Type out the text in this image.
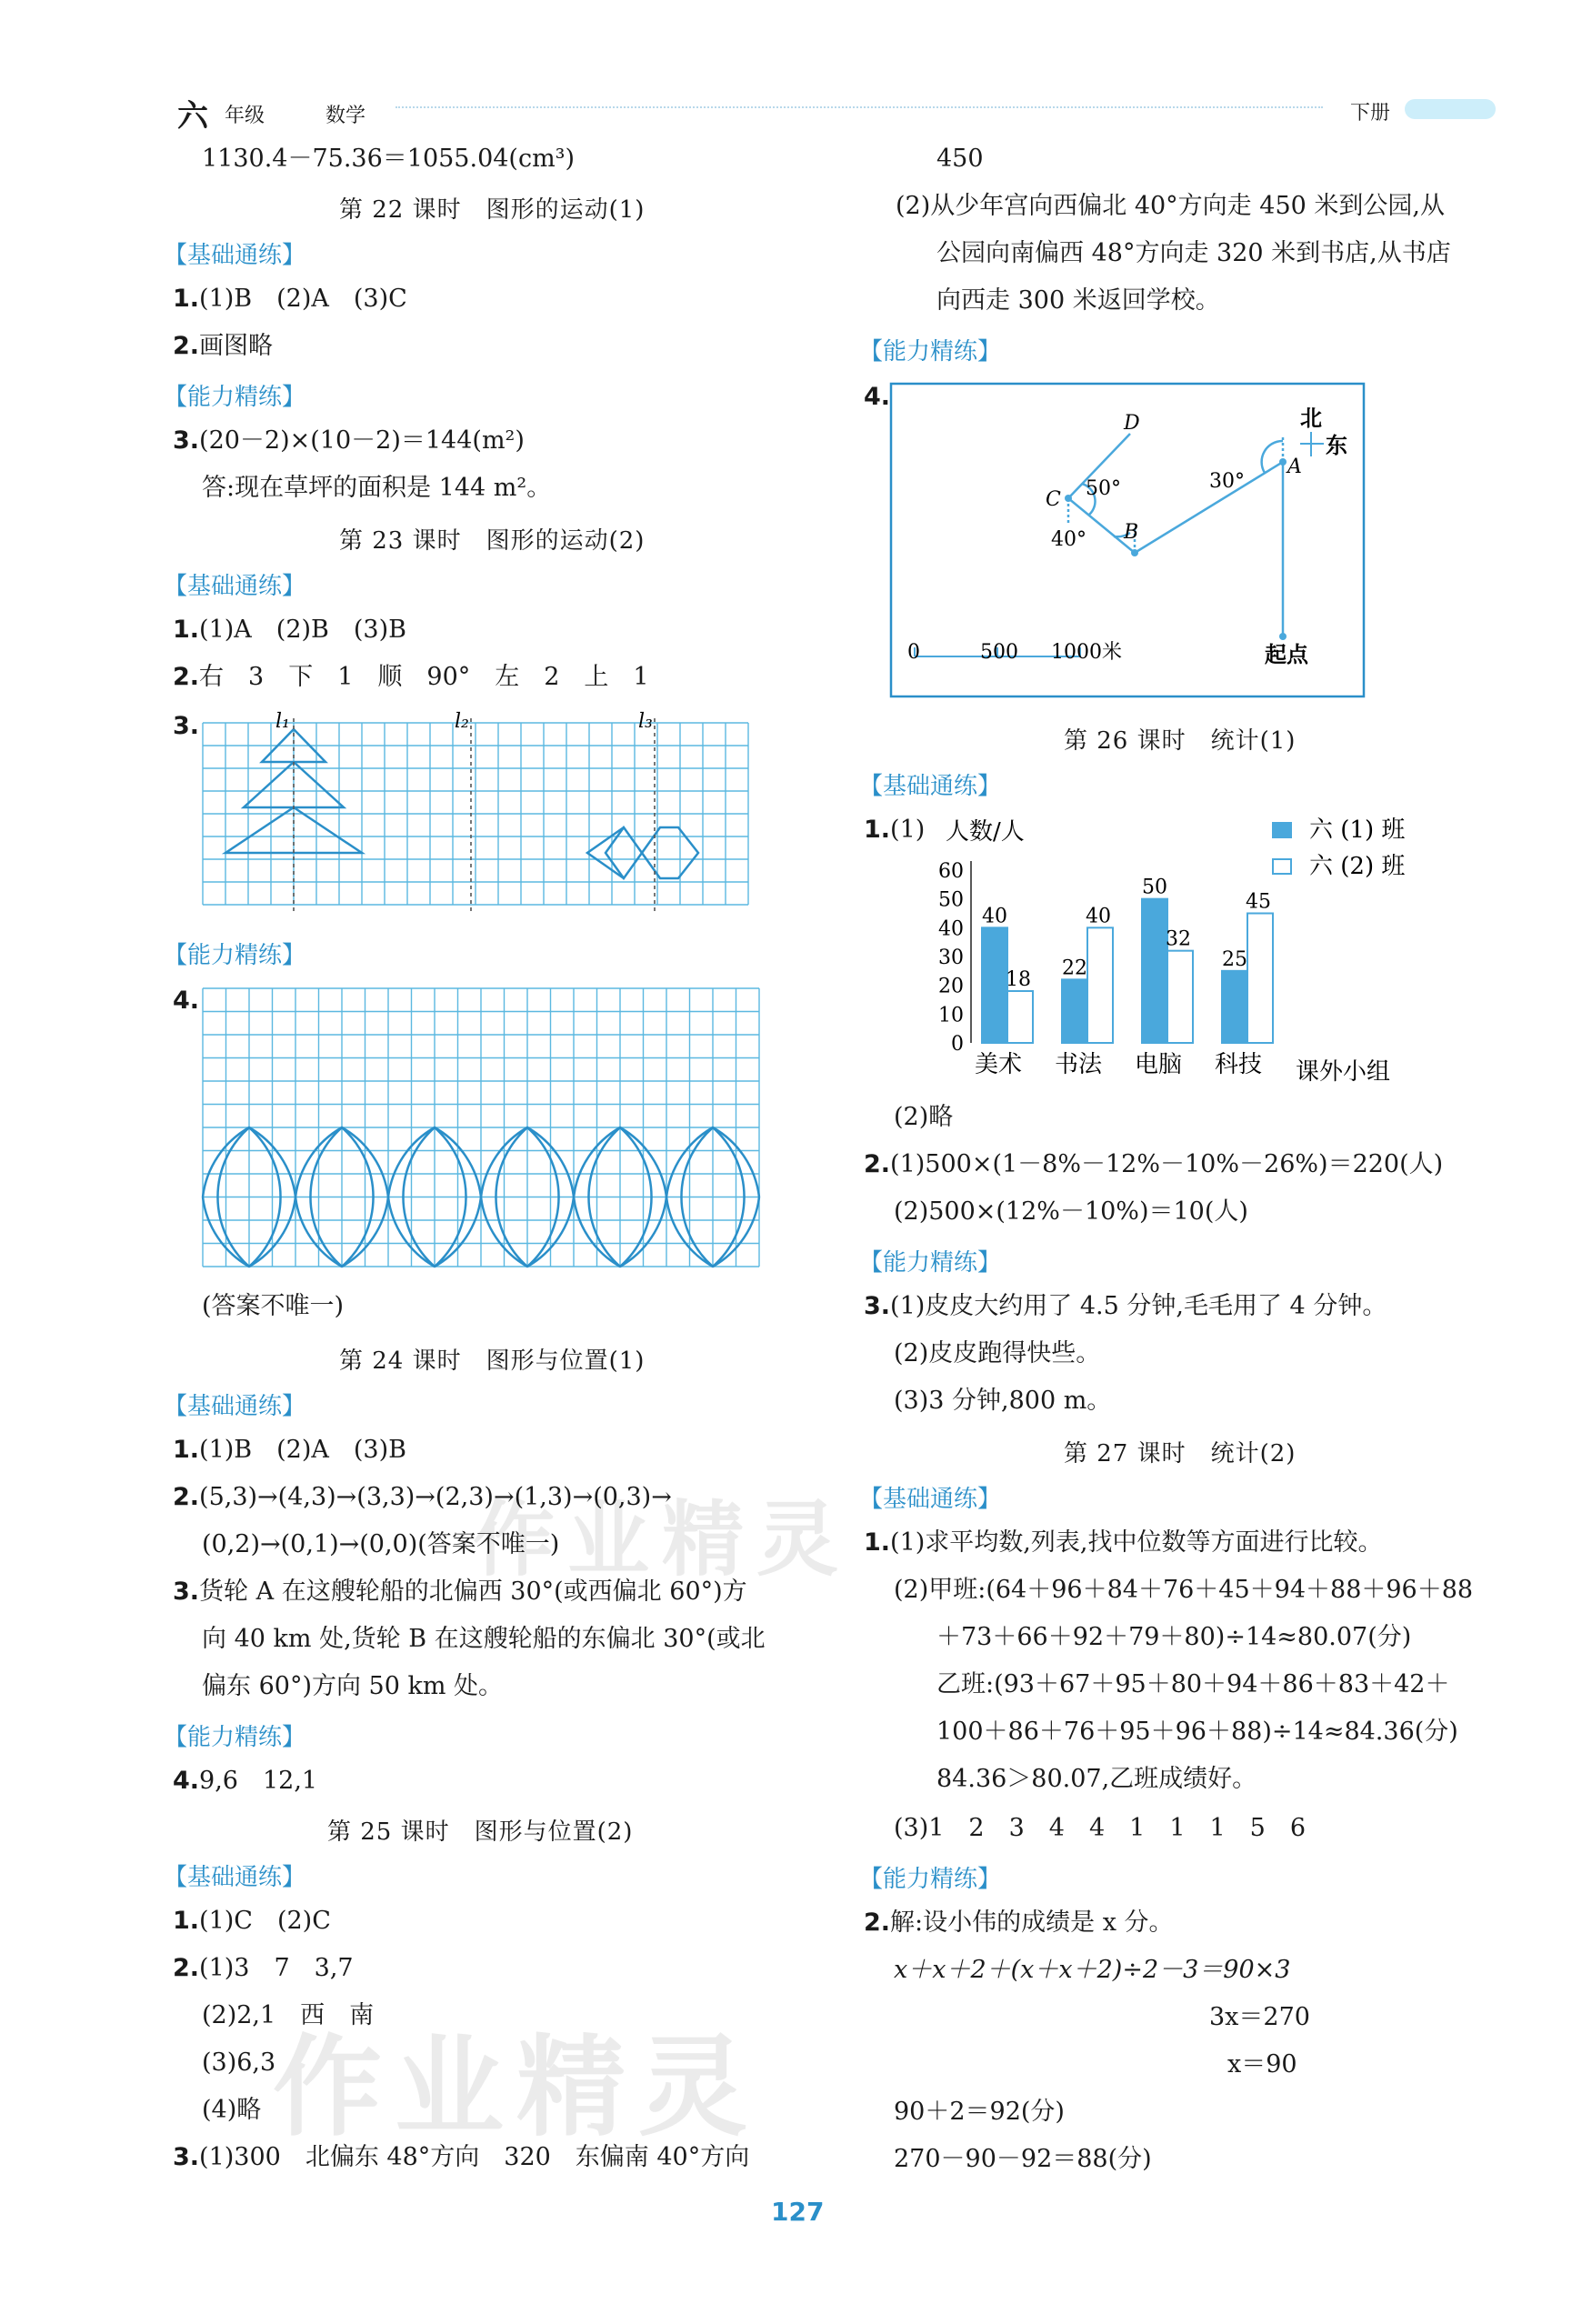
六 年级	数学	下册
1130.4－75.36＝1055.04(cm³)
第 22 课时　图形的运动(1)
【基础通练】
1.(1)B　(2)A　(3)C
2.画图略
【能力精练】
3.(20－2)×(10－2)＝144(m²)
答:现在草坪的面积是 144 m²。
第 23 课时　图形的运动(2)
【基础通练】
1.(1)A　(2)B　(3)B
2.右　3　下　1　顺　90°　左　2　上　1
3.	l₁	l₂	l₃
【能力精练】
4.
(答案不唯一)
第 24 课时　图形与位置(1)
【基础通练】
1.(1)B　(2)A　(3)B
2.(5,3)→(4,3)→(3,3)→(2,3)→(1,3)→(0,3)→
(0,2)→(0,1)→(0,0)(答案不唯一)
3.货轮 A 在这艘轮船的北偏西 30°(或西偏北 60°)方
向 40 km 处,货轮 B 在这艘轮船的东偏北 30°(或北
偏东 60°)方向 50 km 处。
【能力精练】
4.9,6　12,1
第 25 课时　图形与位置(2)
【基础通练】
1.(1)C　(2)C
2.(1)3　7　3,7
(2)2,1　西　南
(3)6,3
(4)略
3.(1)300　北偏东 48°方向　320　东偏南 40°方向
450
(2)从少年宫向西偏北 40°方向走 450 米到公园,从
公园向南偏西 48°方向走 320 米到书店,从书店
向西走 300 米返回学校。
【能力精练】
4.
北
东
D
C
B
A
50°
40°
30°
起点
0	500 1000米
第 26 课时　统计(1)
【基础通练】
1.(1) 人数/人
0
10
20
30
40
50
60
40
18
22
40
50
32
25
45
美术 书法 电脑 科技 课外小组
六 (1) 班
六 (2) 班
(2)略
2.(1)500×(1－8%－12%－10%－26%)＝220(人)
(2)500×(12%－10%)＝10(人)
【能力精练】
3.(1)皮皮大约用了 4.5 分钟,毛毛用了 4 分钟。
(2)皮皮跑得快些。
(3)3 分钟,800 m。
第 27 课时　统计(2)
【基础通练】
1.(1)求平均数,列表,找中位数等方面进行比较。
(2)甲班:(64＋96＋84＋76＋45＋94＋88＋96＋88
＋73＋66＋92＋79＋80)÷14≈80.07(分)
乙班:(93＋67＋95＋80＋94＋86＋83＋42＋
100＋86＋76＋95＋96＋88)÷14≈84.36(分)
84.36＞80.07,乙班成绩好。
(3)1　2　3　4　4　1　1　1　5　6
【能力精练】
2.解:设小伟的成绩是 x 分。
x＋x＋2＋(x＋x＋2)÷2－3＝90×3
3x＝270
x＝90
90＋2＝92(分)
270－90－92＝88(分)
127
作业精灵
作业精灵
